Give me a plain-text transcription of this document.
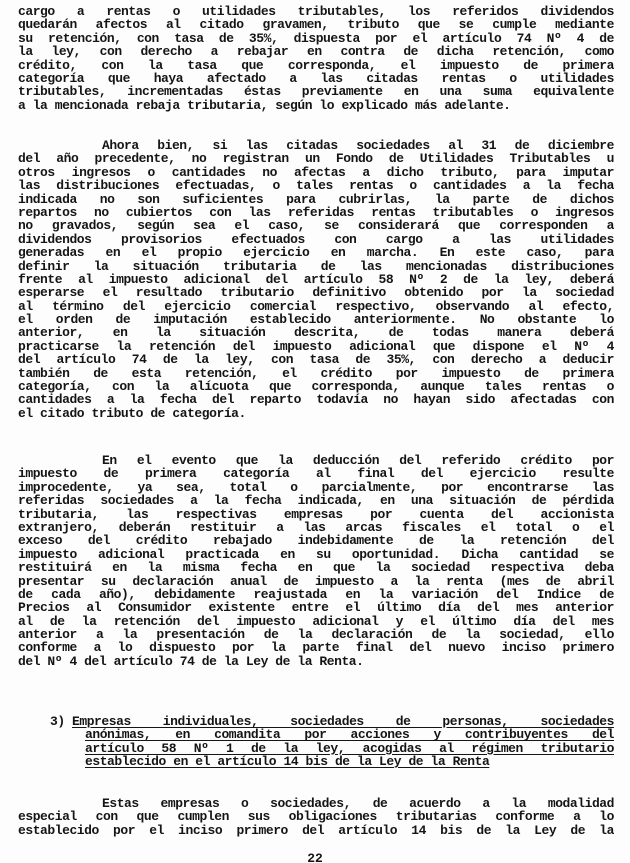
cargo a rentas o utilidades tributables, los referidos dividendos
quedarán afectos al citado gravamen, tributo que se cumple mediante
su retención, con tasa de 35%, dispuesta por el artículo 74 Nº 4 de
la ley, con derecho a rebajar en contra de dicha retención, como
crédito, con la tasa que corresponda, el impuesto de primera
categoría que haya afectado a las citadas rentas o utilidades
tributables, incrementadas éstas previamente en una suma equivalente
a la mencionada rebaja tributaria, según lo explicado más adelante.
Ahora bien, si las citadas sociedades al 31 de diciembre
del año precedente, no registran un Fondo de Utilidades Tributables u
otros ingresos o cantidades no afectas a dicho tributo, para imputar
las distribuciones efectuadas, o tales rentas o cantidades a la fecha
indicada no son suficientes para cubrirlas, la parte de dichos
repartos no cubiertos con las referidas rentas tributables o ingresos
no gravados, según sea el caso, se considerará que corresponden a
dividendos provisorios efectuados con cargo a las utilidades
generadas en el propio ejercicio en marcha. En este caso, para
definir la situación tributaria de las mencionadas distribuciones
frente al impuesto adicional del artículo 58 Nº 2 de la ley, deberá
esperarse el resultado tributario definitivo obtenido por la sociedad
al término del ejercicio comercial respectivo, observando al efecto,
el orden de imputación establecido anteriormente. No obstante lo
anterior, en la situación descrita, de todas manera deberá
practicarse la retención del impuesto adicional que dispone el Nº 4
del artículo 74 de la ley, con tasa de 35%, con derecho a deducir
también de esta retención, el crédito por impuesto de primera
categoría, con la alícuota que corresponda, aunque tales rentas o
cantidades a la fecha del reparto todavía no hayan sido afectadas con
el citado tributo de categoría.
En el evento que la deducción del referido crédito por
impuesto de primera categoría al final del ejercicio resulte
improcedente, ya sea, total o parcialmente, por encontrarse las
referidas sociedades a la fecha indicada, en una situación de pérdida
tributaria, las respectivas empresas por cuenta del accionista
extranjero, deberán restituir a las arcas fiscales el total o el
exceso del crédito rebajado indebidamente de la retención del
impuesto adicional practicada en su oportunidad. Dicha cantidad se
restituirá en la misma fecha en que la sociedad respectiva deba
presentar su declaración anual de impuesto a la renta (mes de abril
de cada año), debidamente reajustada en la variación del Indice de
Precios al Consumidor existente entre el último día del mes anterior
al de la retención del impuesto adicional y el último día del mes
anterior a la presentación de la declaración de la sociedad, ello
conforme a lo dispuesto por la parte final del nuevo inciso primero
del Nº 4 del artículo 74 de la Ley de la Renta.
3) Empresas individuales, sociedades de personas, sociedades
anónimas, en comandita por acciones y contribuyentes del
artículo 58 Nº 1 de la ley, acogidas al régimen tributario
establecido en el artículo 14 bis de la Ley de la Renta
Estas empresas o sociedades, de acuerdo a la modalidad
especial con que cumplen sus obligaciones tributarias conforme a lo
establecido por el inciso primero del artículo 14 bis de la Ley de la
22
